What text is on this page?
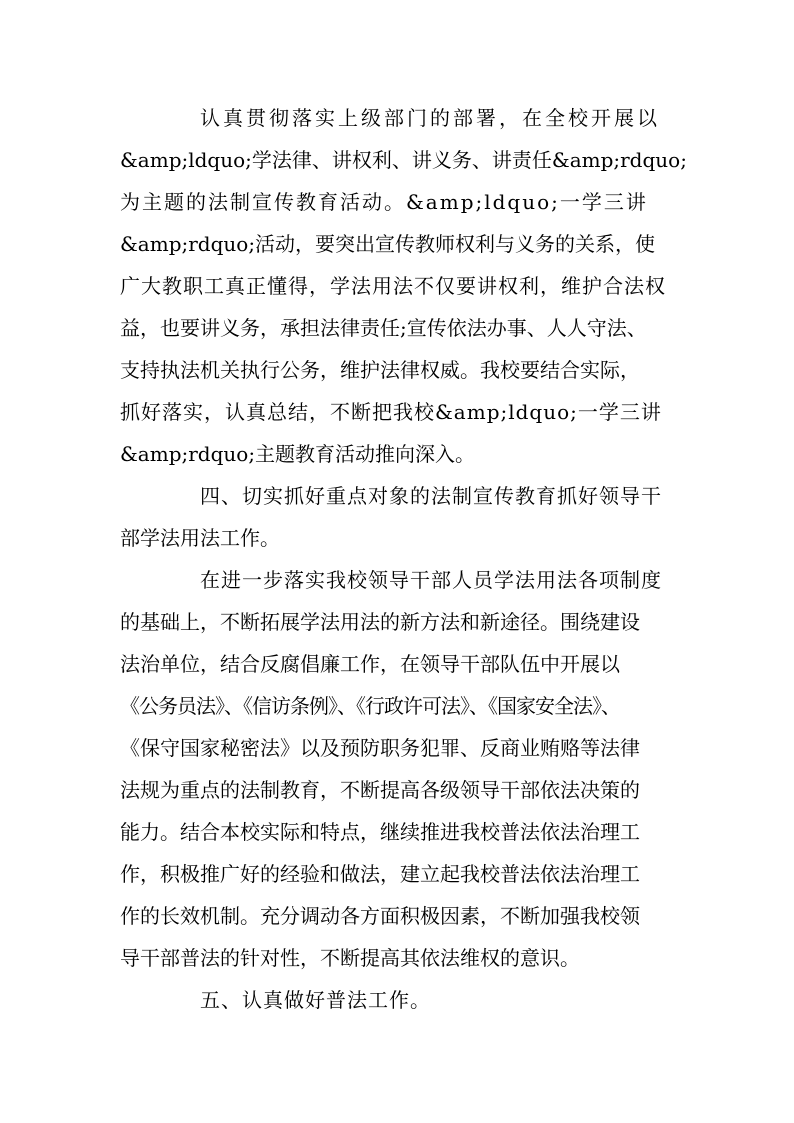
认真贯彻落实上级部门的部署，在全校开展以
&amp;ldquo;学法律、讲权利、讲义务、讲责任&amp;rdquo;
为主题的法制宣传教育活动。&amp;ldquo;一学三讲
&amp;rdquo;活动，要突出宣传教师权利与义务的关系，使
广大教职工真正懂得，学法用法不仅要讲权利，维护合法权
益，也要讲义务，承担法律责任;宣传依法办事、人人守法、
支持执法机关执行公务，维护法律权威。我校要结合实际，
抓好落实，认真总结，不断把我校&amp;ldquo;一学三讲
&amp;rdquo;主题教育活动推向深入。
四、切实抓好重点对象的法制宣传教育抓好领导干
部学法用法工作。
在进一步落实我校领导干部人员学法用法各项制度
的基础上，不断拓展学法用法的新方法和新途径。围绕建设
法治单位，结合反腐倡廉工作，在领导干部队伍中开展以
《公务员法》、《信访条例》、《行政许可法》、《国家安全法》、
《保守国家秘密法》以及预防职务犯罪、反商业贿赂等法律
法规为重点的法制教育，不断提高各级领导干部依法决策的
能力。结合本校实际和特点，继续推进我校普法依法治理工
作，积极推广好的经验和做法，建立起我校普法依法治理工
作的长效机制。充分调动各方面积极因素，不断加强我校领
导干部普法的针对性，不断提高其依法维权的意识。
五、认真做好普法工作。
